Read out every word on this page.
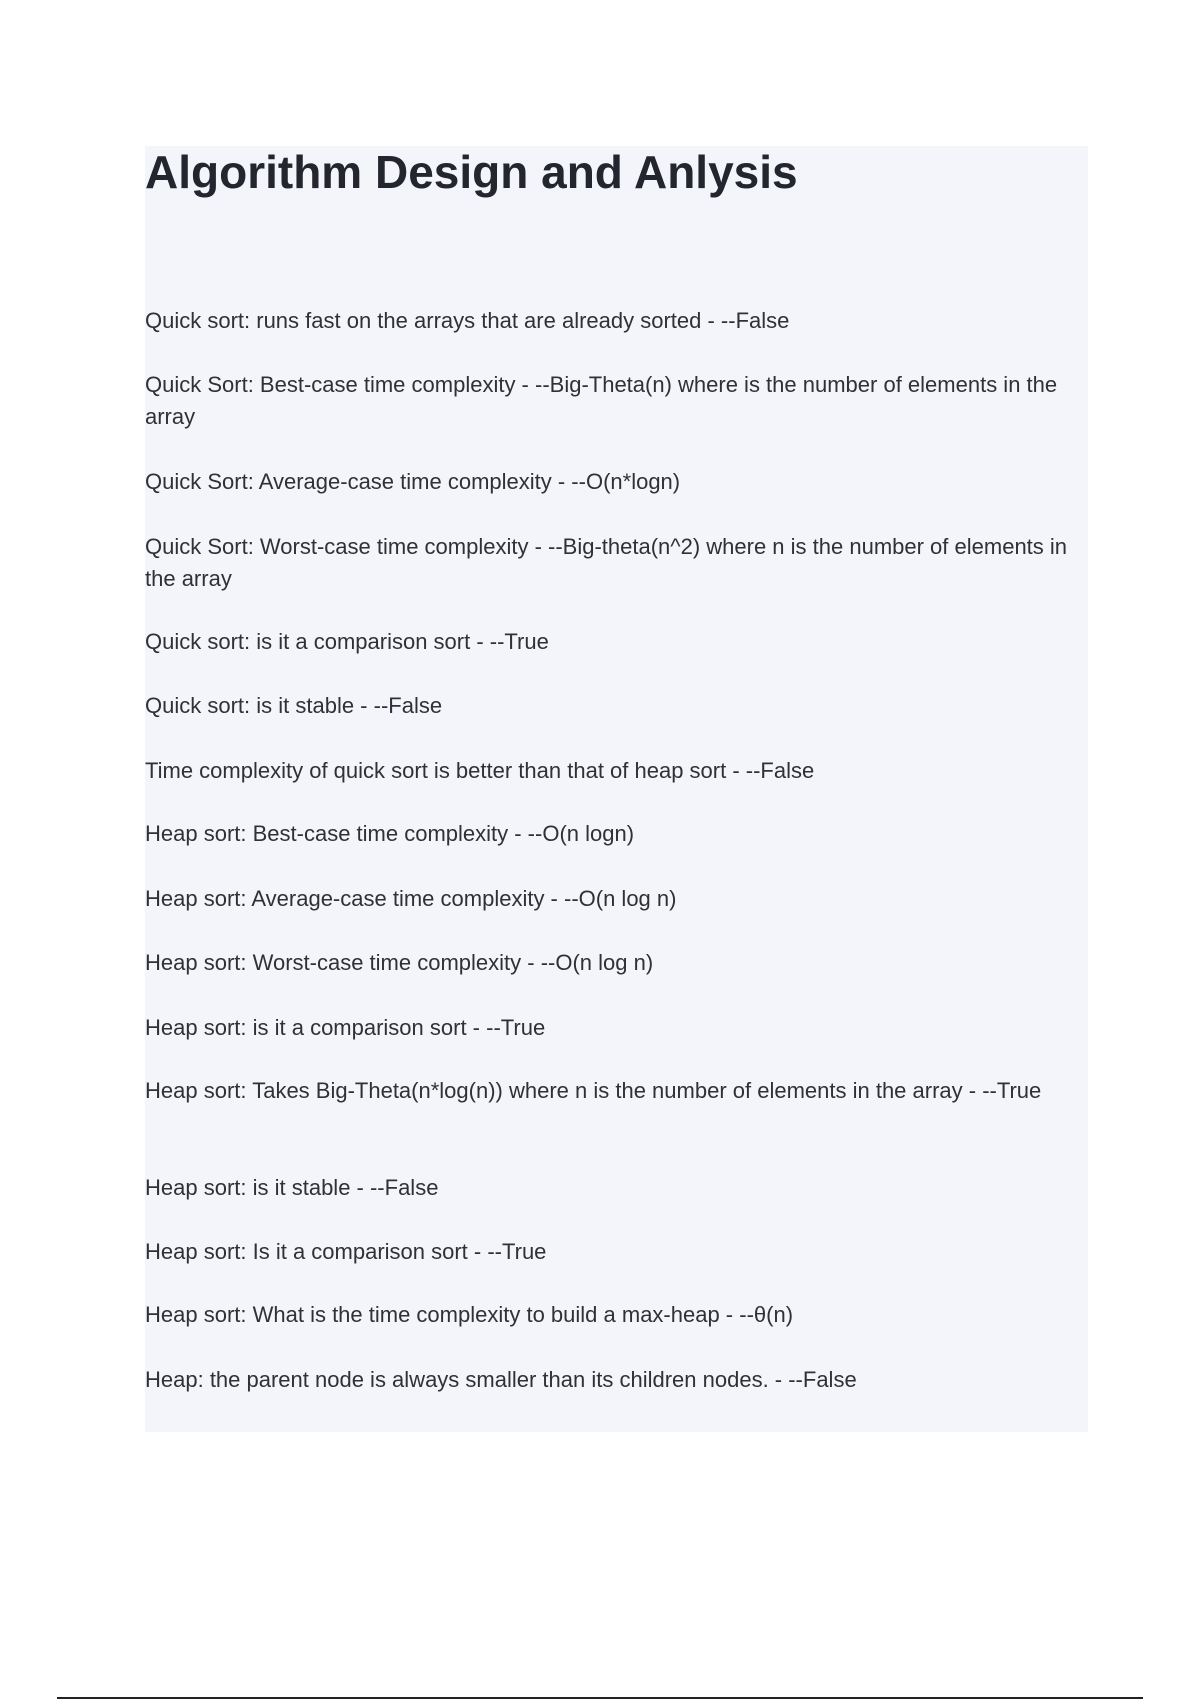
Algorithm Design and Anlysis

Quick sort: runs fast on the arrays that are already sorted - --False

Quick Sort: Best-case time complexity - --Big-Theta(n) where is the number of elements in the array

Quick Sort: Average-case time complexity - --O(n*logn)

Quick Sort: Worst-case time complexity - --Big-theta(n^2) where n is the number of elements in the array

Quick sort: is it a comparison sort - --True

Quick sort: is it stable - --False

Time complexity of quick sort is better than that of heap sort - --False

Heap sort: Best-case time complexity - --O(n logn)

Heap sort: Average-case time complexity - --O(n log n)

Heap sort: Worst-case time complexity - --O(n log n)

Heap sort: is it a comparison sort - --True

Heap sort: Takes Big-Theta(n*log(n)) where n is the number of elements in the array - --True

Heap sort: is it stable - --False

Heap sort: Is it a comparison sort - --True

Heap sort: What is the time complexity to build a max-heap - --θ(n)

Heap: the parent node is always smaller than its children nodes. - --False
